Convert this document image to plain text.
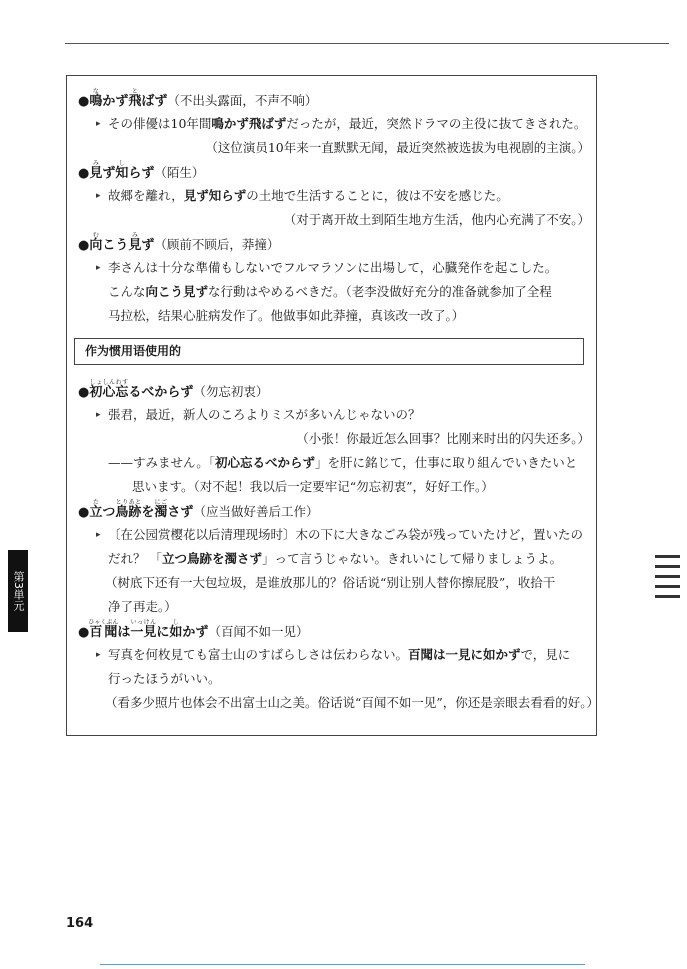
●鳴なかず飛とばず（不出头露面，不声不响）
▸ その俳優は10年間鳴かず飛ばずだったが，最近，突然ドラマの主役に抜てきされた。
（这位演员10年来一直默默无闻，最近突然被选拔为电视剧的主演。）
●見みず知しらず（陌生）
▸ 故郷を離れ，見ず知らずの土地で生活することに，彼は不安を感じた。
（对于离开故土到陌生地方生活，他内心充满了不安。）
●向むこう見みず（顾前不顾后，莽撞）
▸ 李さんは十分な準備もしないでフルマラソンに出場して，心臓発作を起こした。
こんな向こう見ずな行動はやめるべきだ。（老李没做好充分的准备就参加了全程
马拉松，结果心脏病发作了。他做事如此莽撞，真该改一改了。）
作为惯用语使用的
●初心忘しょしんわするべからず（勿忘初衷）
▸ 張君，最近，新人のころよりミスが多いんじゃないの？
（小张！你最近怎么回事？比刚来时出的闪失还多。）
——すみません。「初心忘るべからず」を肝に銘じて，仕事に取り組んでいきたいと
思います。（对不起！我以后一定要牢记“勿忘初衷”，好好工作。）
●立たつ鳥跡とりあとを濁にごさず（应当做好善后工作）
▸ 〔在公园赏樱花以后清理现场时〕木の下に大きなごみ袋が残っていたけど，置いたの
だれ？ 「立つ鳥跡を濁さず」って言うじゃない。きれいにして帰りましょうよ。
（树底下还有一大包垃圾，是谁放那儿的？俗话说“别让别人替你擦屁股”，收拾干
净了再走。）
●百聞ひゃくぶんは一見いっけんに如しかず（百闻不如一见）
▸ 写真を何枚見ても富士山のすばらしさは伝わらない。百聞は一見に如かずで，見に
行ったほうがいい。
（看多少照片也体会不出富士山之美。俗话说“百闻不如一见”，你还是亲眼去看看的好。）
第3単元
164
